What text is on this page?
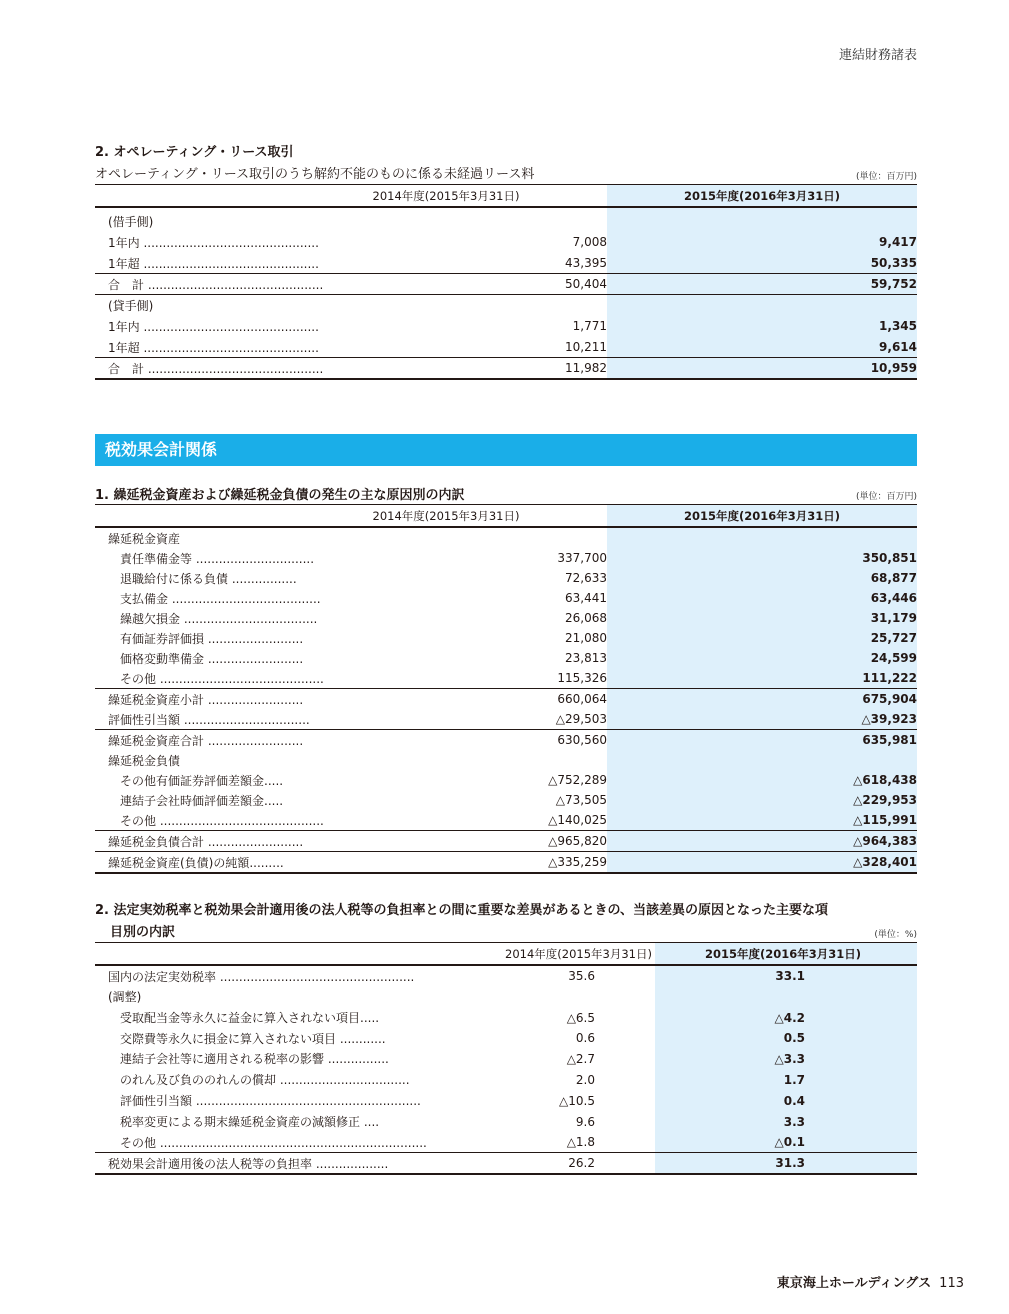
連結財務諸表
2. オペレーティング・リース取引
オペレーティング・リース取引のうち解約不能のものに係る未経過リース料	(単位：百万円)
	2014年度(2015年3月31日)		2015年度(2016年3月31日)	
(借手側)				
1年内 ..............................................		7,008		9,417
1年超 ..............................................		43,395		50,335
合　計 ..............................................		50,404		59,752
(貸手側)				
1年内 ..............................................		1,771		1,345
1年超 ..............................................		10,211		9,614
合　計 ..............................................		11,982		10,959
税効果会計関係
1. 繰延税金資産および繰延税金負債の発生の主な原因別の内訳	(単位：百万円)
	2014年度(2015年3月31日)		2015年度(2016年3月31日)	
繰延税金資産				
責任準備金等 ...............................		337,700		350,851
退職給付に係る負債 .................		72,633		68,877
支払備金 .......................................		63,441		63,446
繰越欠損金 ...................................		26,068		31,179
有価証券評価損 .........................		21,080		25,727
価格変動準備金 .........................		23,813		24,599
その他 ...........................................		115,326		111,222
繰延税金資産小計 .........................		660,064		675,904
評価性引当額 .................................		△29,503		△39,923
繰延税金資産合計 .........................		630,560		635,981
繰延税金負債				
その他有価証券評価差額金.....		△752,289		△618,438
連結子会社時価評価差額金.....		△73,505		△229,953
その他 ...........................................		△140,025		△115,991
繰延税金負債合計 .........................		△965,820		△964,383
繰延税金資産(負債)の純額.........		△335,259		△328,401
2. 法定実効税率と税効果会計適用後の法人税等の負担率との間に重要な差異があるときの、当該差異の原因となった主要な項
目別の内訳	(単位：%)
	2014年度(2015年3月31日)		2015年度(2016年3月31日)	
国内の法定実効税率 ...................................................		35.6	33.1	
(調整)				
受取配当金等永久に益金に算入されない項目.....		△6.5	△4.2	
交際費等永久に損金に算入されない項目 ............		0.6	0.5	
連結子会社等に適用される税率の影響 ................		△2.7	△3.3	
のれん及び負ののれんの償却 ..................................		2.0	1.7	
評価性引当額 ...........................................................		△10.5	0.4	
税率変更による期末繰延税金資産の減額修正 ....		9.6	3.3	
その他 ......................................................................		△1.8	△0.1	
税効果会計適用後の法人税等の負担率 ...................		26.2	31.3	
東京海上ホールディングス 113
